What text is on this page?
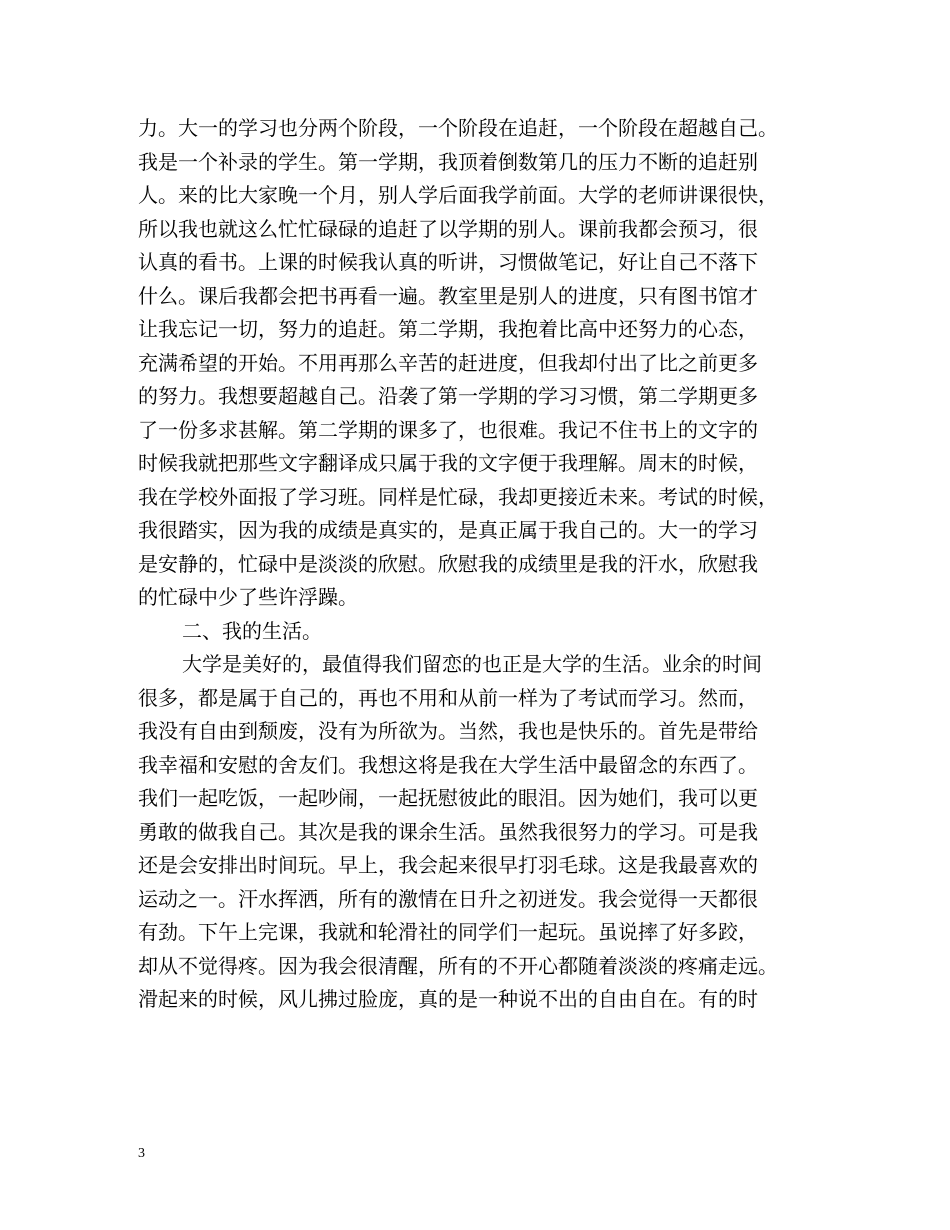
力。大一的学习也分两个阶段，一个阶段在追赶，一个阶段在超越自己。
我是一个补录的学生。第一学期，我顶着倒数第几的压力不断的追赶别
人。来的比大家晚一个月，别人学后面我学前面。大学的老师讲课很快，
所以我也就这么忙忙碌碌的追赶了以学期的别人。课前我都会预习，很
认真的看书。上课的时候我认真的听讲，习惯做笔记，好让自己不落下
什么。课后我都会把书再看一遍。教室里是别人的进度，只有图书馆才
让我忘记一切，努力的追赶。第二学期，我抱着比高中还努力的心态，
充满希望的开始。不用再那么辛苦的赶进度，但我却付出了比之前更多
的努力。我想要超越自己。沿袭了第一学期的学习习惯，第二学期更多
了一份多求甚解。第二学期的课多了，也很难。我记不住书上的文字的
时候我就把那些文字翻译成只属于我的文字便于我理解。周末的时候，
我在学校外面报了学习班。同样是忙碌，我却更接近未来。考试的时候，
我很踏实，因为我的成绩是真实的，是真正属于我自己的。大一的学习
是安静的，忙碌中是淡淡的欣慰。欣慰我的成绩里是我的汗水，欣慰我
的忙碌中少了些许浮躁。
二、我的生活。
大学是美好的，最值得我们留恋的也正是大学的生活。业余的时间
很多，都是属于自己的，再也不用和从前一样为了考试而学习。然而，
我没有自由到颓废，没有为所欲为。当然，我也是快乐的。首先是带给
我幸福和安慰的舍友们。我想这将是我在大学生活中最留念的东西了。
我们一起吃饭，一起吵闹，一起抚慰彼此的眼泪。因为她们，我可以更
勇敢的做我自己。其次是我的课余生活。虽然我很努力的学习。可是我
还是会安排出时间玩。早上，我会起来很早打羽毛球。这是我最喜欢的
运动之一。汗水挥洒，所有的激情在日升之初迸发。我会觉得一天都很
有劲。下午上完课，我就和轮滑社的同学们一起玩。虽说摔了好多跤，
却从不觉得疼。因为我会很清醒，所有的不开心都随着淡淡的疼痛走远。
滑起来的时候，风儿拂过脸庞，真的是一种说不出的自由自在。有的时
3
